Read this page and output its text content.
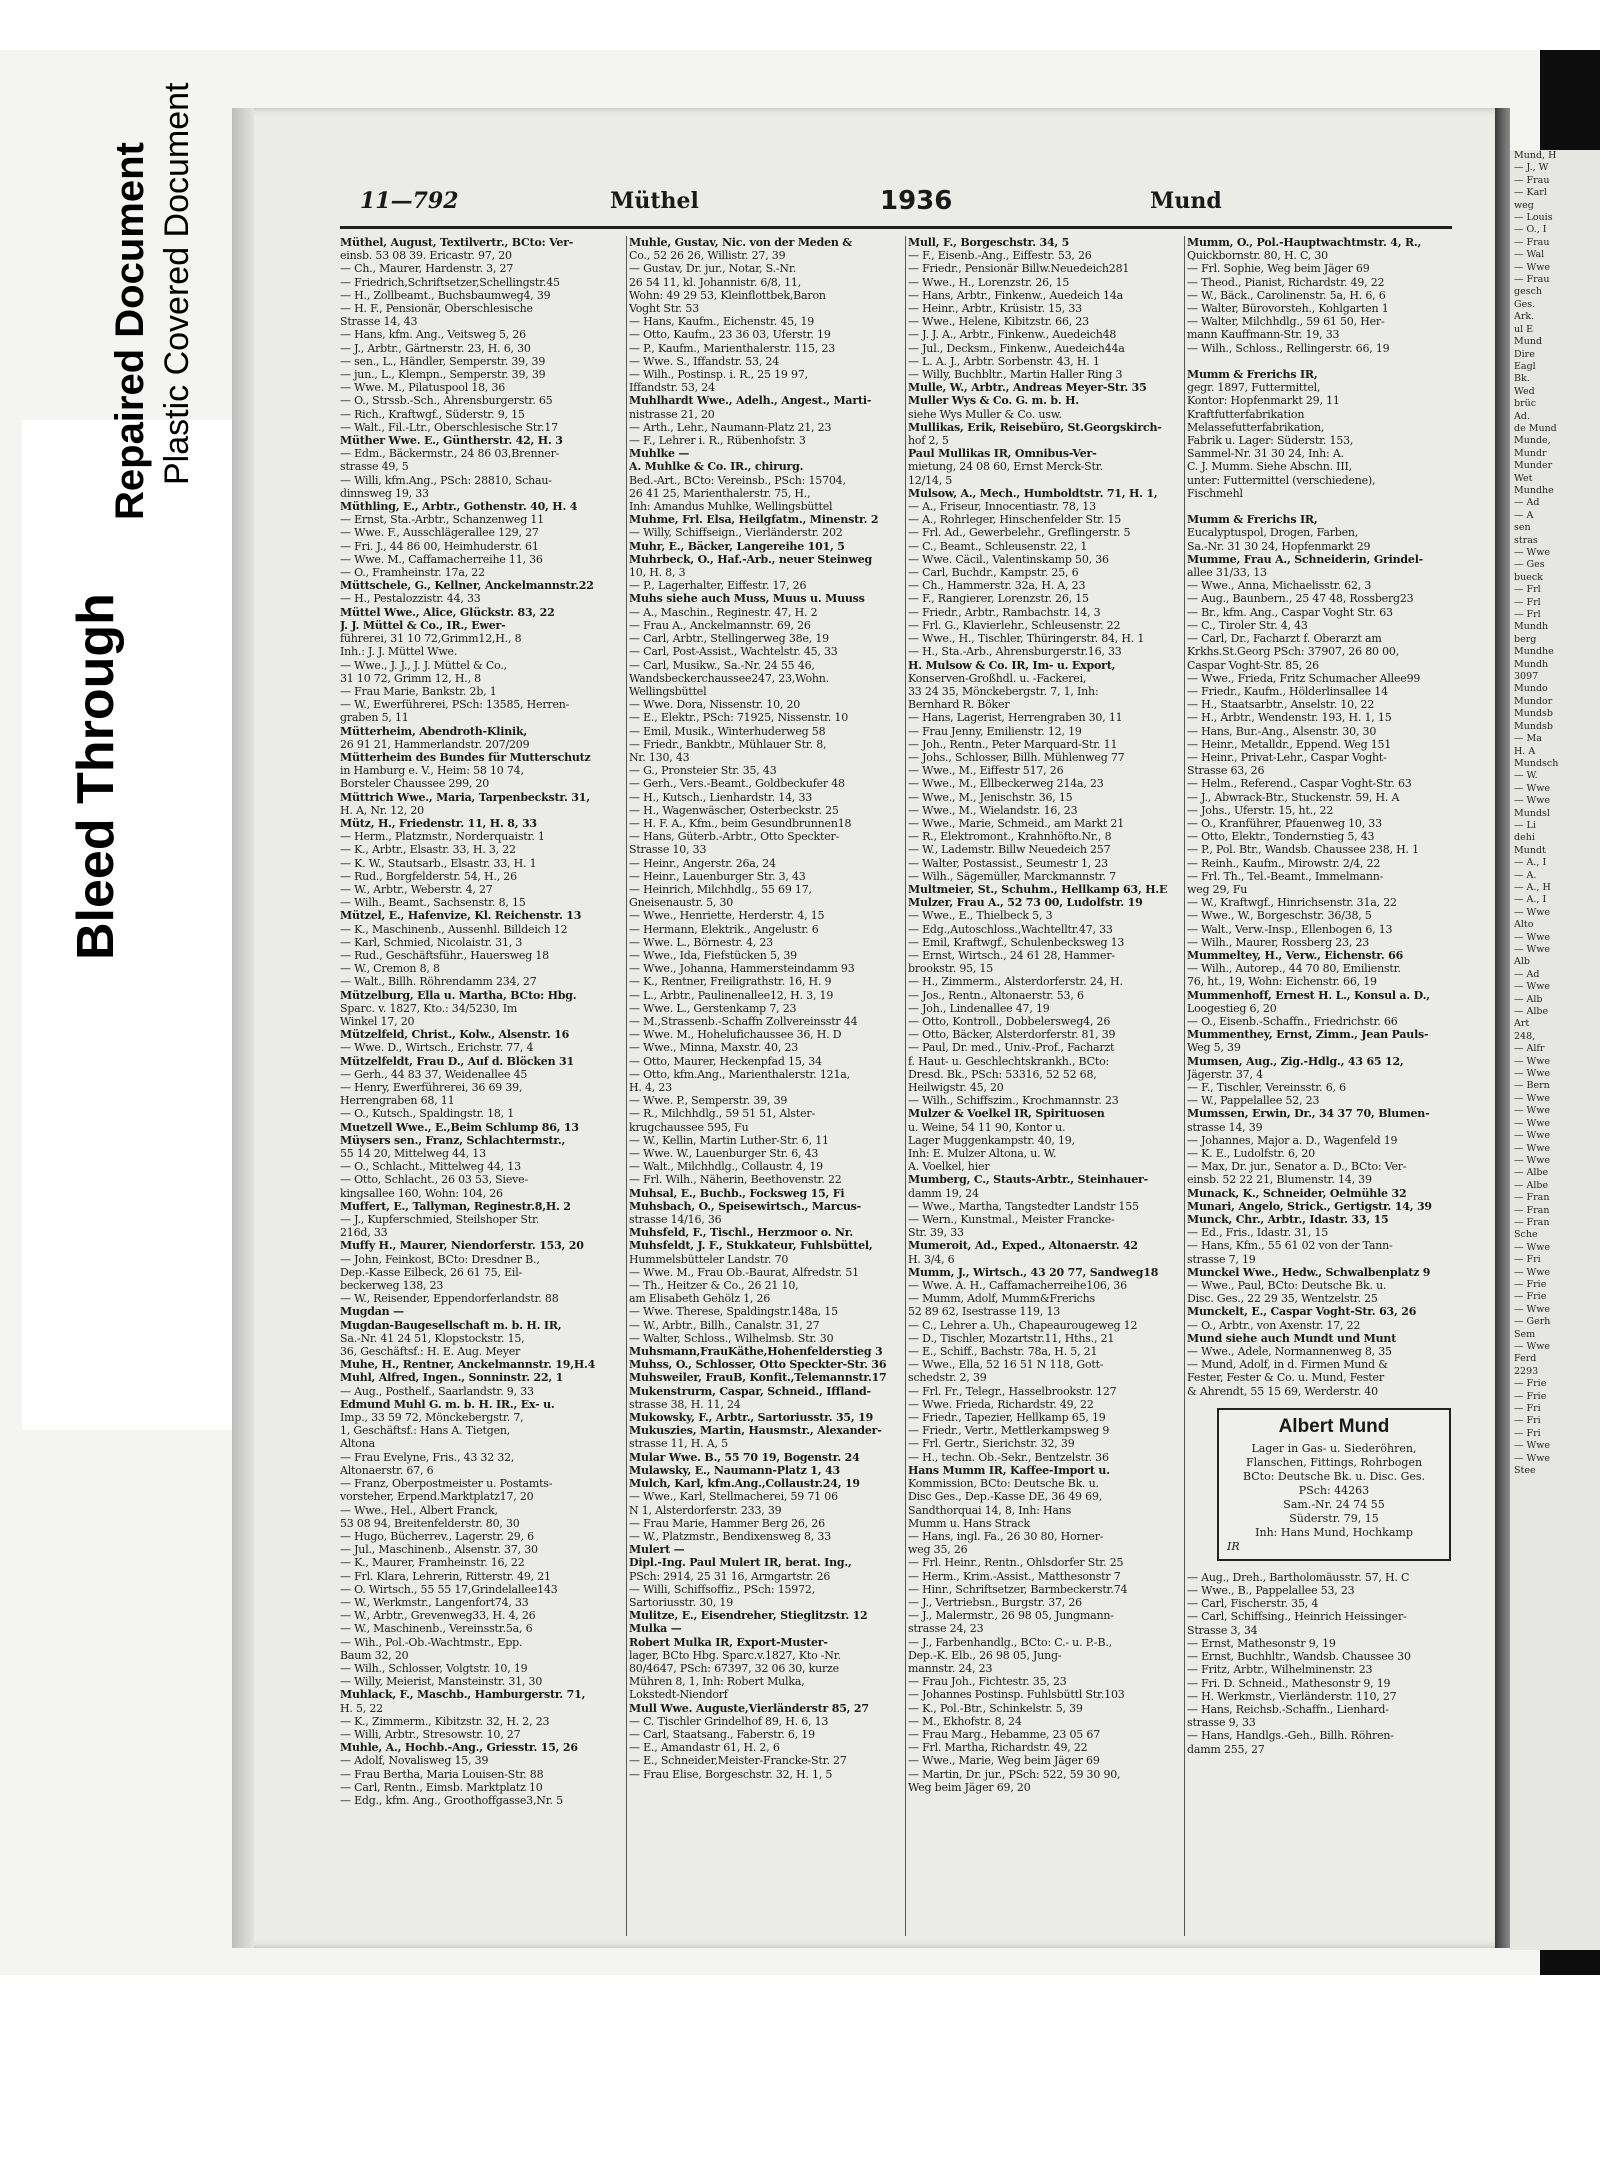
Bleed Through
Repaired Document Plastic Covered Document	Mund, H
— J., W
— Frau
— Karl
weg
— Louis
— O., I
— Frau
— Wal
— Wwe
— Frau
gesch
Ges.
Ark.
ul E
Mund
Dire
Eagl
Bk.
Wed
brüc
Ad.
de Mund
Munde,
Mundr
Munder
Wet
Mundhe
— Ad
— A
sen
stras
— Wwe
— Ges
bueck
— Frl
— Frl
— Frl
Mundh
berg
Mundhe
Mundh
3097
Mundo
Mundor
Mundsb
Mundsb
— Ma
H. A
Mundsch
— W.
— Wwe
— Wwe
Mundsl
— Li
dehi
Mundt
— A., I
— A.
— A., H
— A., I
— Wwe
Alto
— Wwe
— Wwe
Alb
— Ad
— Wwe
— Alb
— Albe
Art
248,
— Alfr
— Wwe
— Wwe
— Bern
— Wwe
— Wwe
— Wwe
— Wwe
— Wwe
— Wwe
— Albe
— Albe
— Fran
— Fran
— Fran
Sche
— Wwe
— Fri
— Wwe
— Frie
— Frie
— Wwe
— Gerh
Sem
— Wwe
Ferd
2293
— Frie
— Frie
— Fri
— Fri
— Fri
— Wwe
— Wwe
Stee
11—792	Müthel	1936	Mund
Müthel, August, Textilvertr., BCto: Ver-
einsb. 53 08 39. Ericastr. 97, 20
— Ch., Maurer, Hardenstr. 3, 27
— Friedrich,Schriftsetzer,Schellingstr.45
— H., Zollbeamt., Buchsbaumweg4, 39
— H. F., Pensionär, Oberschlesische
Strasse 14, 43
— Hans, kfm. Ang., Veitsweg 5, 26
— J., Arbtr., Gärtnerstr. 23, H. 6, 30
— sen., L., Händler, Semperstr. 39, 39
— jun., L., Klempn., Semperstr. 39, 39
— Wwe. M., Pilatuspool 18, 36
— O., Strssb.-Sch., Ahrensburgerstr. 65
— Rich., Kraftwgf., Süderstr. 9, 15
— Walt., Fil.-Ltr., Oberschlesische Str.17
Müther Wwe. E., Güntherstr. 42, H. 3
— Edm., Bäckermstr., 24 86 03,Brenner-
strasse 49, 5
— Willi, kfm.Ang., PSch: 28810, Schau-
dinnsweg 19, 33
Müthling, E., Arbtr., Gothenstr. 40, H. 4
— Ernst, Sta.-Arbtr., Schanzenweg 11
— Wwe. F., Ausschlägerallee 129, 27
— Fri. J., 44 86 00, Heimhuderstr. 61
— Wwe. M., Caffamacherreihe 11, 36
— O., Framheinstr. 17a, 22
Müttschele, G., Kellner, Anckelmannstr.22
— H., Pestalozzistr. 44, 33
Müttel Wwe., Alice, Glückstr. 83, 22
J. J. Müttel & Co., IR., Ewer-
führerei, 31 10 72,Grimm12,H., 8
Inh.: J. J. Müttel Wwe.
— Wwe., J. J., J. J. Müttel & Co.,
31 10 72, Grimm 12, H., 8
— Frau Marie, Bankstr. 2b, 1
— W., Ewerführerei, PSch: 13585, Herren-
graben 5, 11
Mütterheim, Abendroth-Klinik,
26 91 21, Hammerlandstr. 207/209
Mütterheim des Bundes für Mutterschutz
in Hamburg e. V., Heim: 58 10 74,
Borsteler Chaussee 299, 20
Müttrich Wwe., Maria, Tarpenbeckstr. 31,
H. A, Nr. 12, 20
Mütz, H., Friedenstr. 11, H. 8, 33
— Herm., Platzmstr., Norderquaistr. 1
— K., Arbtr., Elsastr. 33, H. 3, 22
— K. W., Stautsarb., Elsastr. 33, H. 1
— Rud., Borgfelderstr. 54, H., 26
— W., Arbtr., Weberstr. 4, 27
— Wilh., Beamt., Sachsenstr. 8, 15
Mützel, E., Hafenvize, Kl. Reichenstr. 13
— K., Maschinenb., Aussenhl. Billdeich 12
— Karl, Schmied, Nicolaistr. 31, 3
— Rud., Geschäftsführ., Hauersweg 18
— W., Cremon 8, 8
— Walt., Billh. Röhrendamm 234, 27
Mützelburg, Ella u. Martha, BCto: Hbg.
Sparc. v. 1827, Kto.: 34/5230, Im
Winkel 17, 20
Mützelfeld, Christ., Kolw., Alsenstr. 16
— Wwe. D., Wirtsch., Erichstr. 77, 4
Mützelfeldt, Frau D., Auf d. Blöcken 31
— Gerh., 44 83 37, Weidenallee 45
— Henry, Ewerführerei, 36 69 39,
Herrengraben 68, 11
— O., Kutsch., Spaldingstr. 18, 1
Muetzell Wwe., E.,Beim Schlump 86, 13
Müysers sen., Franz, Schlachtermstr.,
55 14 20, Mittelweg 44, 13
— O., Schlacht., Mittelweg 44, 13
— Otto, Schlacht., 26 03 53, Sieve-
kingsallee 160, Wohn: 104, 26
Muffert, E., Tallyman, Reginestr.8,H. 2
— J., Kupferschmied, Steilshoper Str.
216d, 33
Muffy H., Maurer, Niendorferstr. 153, 20
— John, Feinkost, BCto: Dresdner B.,
Dep.-Kasse Eilbeck, 26 61 75, Eil-
beckerweg 138, 23
— W., Reisender, Eppendorferlandstr. 88
Mugdan —
Mugdan-Baugesellschaft m. b. H. IR,
Sa.-Nr. 41 24 51, Klopstockstr. 15,
36, Geschäftsf.: H. E. Aug. Meyer
Muhe, H., Rentner, Anckelmannstr. 19,H.4
Muhl, Alfred, Ingen., Sonninstr. 22, 1
— Aug., Posthelf., Saarlandstr. 9, 33
Edmund Muhl G. m. b. H. IR., Ex- u.
Imp., 33 59 72, Mönckebergstr. 7,
1, Geschäftsf.: Hans A. Tietgen,
Altona
— Frau Evelyne, Fris., 43 32 32,
Altonaerstr. 67, 6
— Franz, Oberpostmeister u. Postamts-
vorsteher, Erpend.Marktplatz17, 20
— Wwe., Hel., Albert Franck,
53 08 94, Breitenfelderstr. 80, 30
— Hugo, Bücherrev., Lagerstr. 29, 6
— Jul., Maschinenb., Alsenstr. 37, 30
— K., Maurer, Framheinstr. 16, 22
— Frl. Klara, Lehrerin, Ritterstr. 49, 21
— O. Wirtsch., 55 55 17,Grindelallee143
— W., Werkmstr., Langenfort74, 33
— W., Arbtr., Grevenweg33, H. 4, 26
— W., Maschinenb., Vereinsstr.5a, 6
— Wih., Pol.-Ob.-Wachtmstr., Epp.
Baum 32, 20
— Wilh., Schlosser, Volgtstr. 10, 19
— Willy, Meierist, Mansteinstr. 31, 30
Muhlack, F., Maschb., Hamburgerstr. 71,
H. 5, 22
— K., Zimmerm., Kibitzstr. 32, H. 2, 23
— Willi, Arbtr., Stresowstr. 10, 27
Muhle, A., Hochb.-Ang., Griesstr. 15, 26
— Adolf, Novalisweg 15, 39
— Frau Bertha, Maria Louisen-Str. 88
— Carl, Rentn., Eimsb. Marktplatz 10
— Edg., kfm. Ang., Groothoffgasse3,Nr. 5
Muhle, Gustav, Nic. von der Meden &
Co., 52 26 26, Willistr. 27, 39
— Gustav, Dr. jur., Notar, S.-Nr.
26 54 11, kl. Johannistr. 6/8, 11,
Wohn: 49 29 53, Kleinflottbek,Baron
Voght Str. 53
— Hans, Kaufm., Eichenstr. 45, 19
— Otto, Kaufm., 23 36 03, Uferstr. 19
— P., Kaufm., Marienthalerstr. 115, 23
— Wwe. S., Iffandstr. 53, 24
— Wilh., Postinsp. i. R., 25 19 97,
Iffandstr. 53, 24
Muhlhardt Wwe., Adelh., Angest., Marti-
nistrasse 21, 20
— Arth., Lehr., Naumann-Platz 21, 23
— F., Lehrer i. R., Rübenhofstr. 3
Muhlke —
A. Muhlke & Co. IR., chirurg.
Bed.-Art., BCto: Vereinsb., PSch: 15704,
26 41 25, Marienthalerstr. 75, H.,
Inh: Amandus Muhlke, Wellingsbüttel
Muhme, Frl. Elsa, Heilgfatm., Minenstr. 2
— Willy, Schiffseign., Vierländerstr. 202
Muhr, E., Bäcker, Langereihe 101, 5
Muhrbeck, O., Haf.-Arb., neuer Steinweg
10, H. 8, 3
— P., Lagerhalter, Eiffestr. 17, 26
Muhs siehe auch Muss, Muus u. Muuss
— A., Maschin., Reginestr. 47, H. 2
— Frau A., Anckelmannstr. 69, 26
— Carl, Arbtr., Stellingerweg 38e, 19
— Carl, Post-Assist., Wachtelstr. 45, 33
— Carl, Musikw., Sa.-Nr. 24 55 46,
Wandsbeckerchaussee247, 23,Wohn.
Wellingsbüttel
— Wwe. Dora, Nissenstr. 10, 20
— E., Elektr., PSch: 71925, Nissenstr. 10
— Emil, Musik., Winterhuderweg 58
— Friedr., Bankbtr., Mühlauer Str. 8,
Nr. 130, 43
— G., Pronsteier Str. 35, 43
— Gerh., Vers.-Beamt., Goldbeckufer 48
— H., Kutsch., Lienhardstr. 14, 33
— H., Wagenwäscher, Osterbeckstr. 25
— H. F. A., Kfm., beim Gesundbrunnen18
— Hans, Güterb.-Arbtr., Otto Speckter-
Strasse 10, 33
— Heinr., Angerstr. 26a, 24
— Heinr., Lauenburger Str. 3, 43
— Heinrich, Milchhdlg., 55 69 17,
Gneisenaustr. 5, 30
— Wwe., Henriette, Herderstr. 4, 15
— Hermann, Elektrik., Angelustr. 6
— Wwe. L., Börnestr. 4, 23
— Wwe., Ida, Fiefstücken 5, 39
— Wwe., Johanna, Hammersteindamm 93
— K., Rentner, Freiligrathstr. 16, H. 9
— L., Arbtr., Paulinenallee12, H. 3, 19
— Wwe. L., Gerstenkamp 7, 23
— M.,Strassenb.-Schaffn Zollvereinsstr 44
— Wwe. M., Hohelufichaussee 36, H. D
— Wwe., Minna, Maxstr. 40, 23
— Otto, Maurer, Heckenpfad 15, 34
— Otto, kfm.Ang., Marienthalerstr. 121a,
H. 4, 23
— Wwe. P., Semperstr. 39, 39
— R., Milchhdlg., 59 51 51, Alster-
krugchaussee 595, Fu
— W., Kellin, Martin Luther-Str. 6, 11
— Wwe. W., Lauenburger Str. 6, 43
— Walt., Milchhdlg., Collaustr. 4, 19
— Frl. Wilh., Näherin, Beethovenstr. 22
Muhsal, E., Buchb., Focksweg 15, Fi
Muhsbach, O., Speisewirtsch., Marcus-
strasse 14/16, 36
Muhsfeld, F., Tischl., Herzmoor o. Nr.
Muhsfeldt, J. F., Stukkateur, Fuhlsbüttel,
Hummelsbütteler Landstr. 70
— Wwe. M., Frau Ob.-Baurat, Alfredstr. 51
— Th., Heitzer & Co., 26 21 10,
am Elisabeth Gehölz 1, 26
— Wwe. Therese, Spaldingstr.148a, 15
— W., Arbtr., Billh., Canalstr. 31, 27
— Walter, Schloss., Wilhelmsb. Str. 30
Muhsmann,FrauKäthe,Hohenfelderstieg 3
Muhss, O., Schlosser, Otto Speckter-Str. 36
Muhsweiler, FrauB, Konfit.,Telemannstr.17
Mukenstrurm, Caspar, Schneid., Iffland-
strasse 38, H. 11, 24
Mukowsky, F., Arbtr., Sartoriusstr. 35, 19
Mukuszies, Martin, Hausmstr., Alexander-
strasse 11, H. A, 5
Mular Wwe. B., 55 70 19, Bogenstr. 24
Mulawsky, E., Naumann-Platz 1, 43
Mulch, Karl, kfm.Ang.,Collaustr.24, 19
— Wwe., Karl, Stellmacherei, 59 71 06
N 1, Alsterdorferstr. 233, 39
— Frau Marie, Hammer Berg 26, 26
— W., Platzmstr., Bendixensweg 8, 33
Mulert —
Dipl.-Ing. Paul Mulert IR, berat. Ing.,
PSch: 2914, 25 31 16, Armgartstr. 26
— Willi, Schiffsoffiz., PSch: 15972,
Sartoriusstr. 30, 19
Mulitze, E., Eisendreher, Stieglitzstr. 12
Mulka —
Robert Mulka IR, Export-Muster-
lager, BCto Hbg. Sparc.v.1827, Kto -Nr.
80/4647, PSch: 67397, 32 06 30, kurze
Mühren 8, 1, Inh: Robert Mulka,
Lokstedt-Niendorf
Mull Wwe. Auguste,Vierländerstr 85, 27
— C. Tischler Grindelhof 89, H. 6, 13
— Carl, Staatsang., Faberstr. 6, 19
— E., Amandastr 61, H. 2, 6
— E., Schneider,Meister-Francke-Str. 27
— Frau Elise, Borgeschstr. 32, H. 1, 5
Mull, F., Borgeschstr. 34, 5
— F., Eisenb.-Ang., Eiffestr. 53, 26
— Friedr., Pensionär Billw.Neuedeich281
— Wwe., H., Lorenzstr. 26, 15
— Hans, Arbtr., Finkenw., Auedeich 14a
— Heinr., Arbtr., Krüsistr. 15, 33
— Wwe., Helene, Kibitzstr. 66, 23
— J. J. A., Arbtr., Finkenw., Auedeich48
— Jul., Decksm., Finkenw., Auedeich44a
— L. A. J., Arbtr. Sorbenstr. 43, H. 1
— Willy, Buchbltr., Martin Haller Ring 3
Mulle, W., Arbtr., Andreas Meyer-Str. 35
Muller Wys & Co. G. m. b. H.
siehe Wys Muller & Co. usw.
Mullikas, Erik, Reisebüro, St.Georgskirch-
hof 2, 5
Paul Mullikas IR, Omnibus-Ver-
mietung, 24 08 60, Ernst Merck-Str.
12/14, 5
Mulsow, A., Mech., Humboldtstr. 71, H. 1,
— A., Friseur, Innocentiastr. 78, 13
— A., Rohrleger, Hinschenfelder Str. 15
— Frl. Ad., Gewerbelehr., Greflingerstr. 5
— C., Beamt., Schleusenstr. 22, 1
— Wwe. Cäcil., Valentinskamp 50, 36
— Carl, Buchdr., Kampstr. 25, 6
— Ch., Hammerstr. 32a, H. A, 23
— F., Rangierer, Lorenzstr. 26, 15
— Friedr., Arbtr., Rambachstr. 14, 3
— Frl. G., Klavierlehr., Schleusenstr. 22
— Wwe., H., Tischler, Thüringerstr. 84, H. 1
— H., Sta.-Arb., Ahrensburgerstr.16, 33
H. Mulsow & Co. IR, Im- u. Export,
Konserven-Großhdl. u. -Fackerei,
33 24 35, Mönckebergstr. 7, 1, Inh:
Bernhard R. Böker
— Hans, Lagerist, Herrengraben 30, 11
— Frau Jenny, Emilienstr. 12, 19
— Joh., Rentn., Peter Marquard-Str. 11
— Johs., Schlosser, Billh. Mühlenweg 77
— Wwe., M., Eiffestr 517, 26
— Wwe., M., Ellbeckerweg 214a, 23
— Wwe., M., Jenischstr. 36, 15
— Wwe., M., Wielandstr. 16, 23
— Wwe., Marie, Schmeid., am Markt 21
— R., Elektromont., Krahnhöfto.Nr., 8
— W., Lademstr. Billw Neuedeich 257
— Walter, Postassist., Seumestr 1, 23
— Wilh., Sägemüller, Marckmannstr. 7
Multmeier, St., Schuhm., Hellkamp 63, H.E
Mulzer, Frau A., 52 73 00, Ludolfstr. 19
— Wwe., E., Thielbeck 5, 3
— Edg.,Autoschloss.,Wachtelltr.47, 33
— Emil, Kraftwgf., Schulenbecksweg 13
— Ernst, Wirtsch., 24 61 28, Hammer-
brookstr. 95, 15
— H., Zimmerm., Alsterdorferstr. 24, H.
— Jos., Rentn., Altonaerstr. 53, 6
— Joh., Lindenallee 47, 19
— Otto, Kontroll., Dobbelersweg4, 26
— Otto, Bäcker, Alsterdorferstr. 81, 39
— Paul, Dr. med., Univ.-Prof., Facharzt
f. Haut- u. Geschlechtskrankh., BCto:
Dresd. Bk., PSch: 53316, 52 52 68,
Heilwigstr. 45, 20
— Wilh., Schiffszim., Krochmannstr. 23
Mulzer & Voelkel IR, Spirituosen
u. Weine, 54 11 90, Kontor u.
Lager Muggenkampstr. 40, 19,
Inh: E. Mulzer Altona, u. W.
A. Voelkel, hier
Mumberg, C., Stauts-Arbtr., Steinhauer-
damm 19, 24
— Wwe., Martha, Tangstedter Landstr 155
— Wern., Kunstmal., Meister Francke-
Str. 39, 33
Mumeroit, Ad., Exped., Altonaerstr. 42
H. 3/4, 6
Mumm, J., Wirtsch., 43 20 77, Sandweg18
— Wwe. A. H., Caffamacherreihe106, 36
— Mumm, Adolf, Mumm&Frerichs
52 89 62, Isestrasse 119, 13
— C., Lehrer a. Uh., Chapeaurougeweg 12
— D., Tischler, Mozartstr.11, Hths., 21
— E., Schiff., Bachstr. 78a, H. 5, 21
— Wwe., Ella, 52 16 51 N 118, Gott-
schedstr. 2, 39
— Frl. Fr., Telegr., Hasselbrookstr. 127
— Wwe. Frieda, Richardstr. 49, 22
— Friedr., Tapezier, Hellkamp 65, 19
— Friedr., Vertr., Mettlerkampsweg 9
— Frl. Gertr., Sierichstr. 32, 39
— H., techn. Ob.-Sekr., Bentzelstr. 36
Hans Mumm IR, Kaffee-Import u.
Kommission, BCto: Deutsche Bk. u.
Disc Ges., Dep.-Kasse DE, 36 49 69,
Sandthorquai 14, 8, Inh: Hans
Mumm u. Hans Strack
— Hans, ingl. Fa., 26 30 80, Horner-
weg 35, 26
— Frl. Heinr., Rentn., Ohlsdorfer Str. 25
— Herm., Krim.-Assist., Matthesonstr 7
— Hinr., Schriftsetzer, Barmbeckerstr.74
— J., Vertriebsn., Burgstr. 37, 26
— J., Malermstr., 26 98 05, Jungmann-
strasse 24, 23
— J., Farbenhandlg., BCto: C.- u. P.-B.,
Dep.-K. Elb., 26 98 05, Jung-
mannstr. 24, 23
— Frau Joh., Fichtestr. 35, 23
— Johannes Postinsp. Fuhlsbüttl Str.103
— K., Pol.-Btr., Schinkelstr. 5, 39
— M., Ekhofstr. 8, 24
— Frau Marg., Hebamme, 23 05 67
— Frl. Martha, Richardstr. 49, 22
— Wwe., Marie, Weg beim Jäger 69
— Martin, Dr. jur., PSch: 522, 59 30 90,
Weg beim Jäger 69, 20
Mumm, O., Pol.-Hauptwachtmstr. 4, R.,
Quickbornstr. 80, H. C, 30
— Frl. Sophie, Weg beim Jäger 69
— Theod., Pianist, Richardstr. 49, 22
— W., Bäck., Carolinenstr. 5a, H. 6, 6
— Walter, Bürovorsteh., Kohlgarten 1
— Walter, Milchhdlg., 59 61 50, Her-
mann Kauffmann-Str. 19, 33
— Wilh., Schloss., Rellingerstr. 66, 19

Mumm & Frerichs IR,
gegr. 1897, Futtermittel,
Kontor: Hopfenmarkt 29, 11
Kraftfutterfabrikation
Melassefutterfabrikation,
Fabrik u. Lager: Süderstr. 153,
Sammel-Nr. 31 30 24, Inh: A.
C. J. Mumm. Siehe Abschn. III,
unter: Futtermittel (verschiedene),
Fischmehl

Mumm & Frerichs IR,
Eucalyptuspol, Drogen, Farben,
Sa.-Nr. 31 30 24, Hopfenmarkt 29
Mumme, Frau A., Schneiderin, Grindel-
allee 31/33, 13
— Wwe., Anna, Michaelisstr. 62, 3
— Aug., Baunbern., 25 47 48, Rossberg23
— Br., kfm. Ang., Caspar Voght Str. 63
— C., Tiroler Str. 4, 43
— Carl, Dr., Facharzt f. Oberarzt am
Krkhs.St.Georg PSch: 37907, 26 80 00,
Caspar Voght-Str. 85, 26
— Wwe., Frieda, Fritz Schumacher Allee99
— Friedr., Kaufm., Hölderlinsallee 14
— H., Staatsarbtr., Anselstr. 10, 22
— H., Arbtr., Wendenstr. 193, H. 1, 15
— Hans, Bur.-Ang., Alsenstr. 30, 30
— Heinr., Metalldr., Eppend. Weg 151
— Heinr., Privat-Lehr., Caspar Voght-
Strasse 63, 26
— Helm., Referend., Caspar Voght-Str. 63
— J., Abwrack-Btr., Stuckenstr. 59, H. A
— Johs., Uferstr. 15, ht., 22
— O., Kranführer, Pfauenweg 10, 33
— Otto, Elektr., Tondernstieg 5, 43
— P., Pol. Btr., Wandsb. Chaussee 238, H. 1
— Reinh., Kaufm., Mirowstr. 2/4, 22
— Frl. Th., Tel.-Beamt., Immelmann-
weg 29, Fu
— W., Kraftwgf., Hinrichsenstr. 31a, 22
— Wwe., W., Borgeschstr. 36/38, 5
— Walt., Verw.-Insp., Ellenbogen 6, 13
— Wilh., Maurer, Rossberg 23, 23
Mummeltey, H., Verw., Eichenstr. 66
— Wilh., Autorep., 44 70 80, Emilienstr.
76, ht., 19, Wohn: Eichenstr. 66, 19
Mummenhoff, Ernest H. L., Konsul a. D.,
Loogestieg 6, 20
— O., Eisenb.-Schaffn., Friedrichstr. 66
Mummenthey, Ernst, Zimm., Jean Pauls-
Weg 5, 39
Mumsen, Aug., Zig.-Hdlg., 43 65 12,
Jägerstr. 37, 4
— F., Tischler, Vereinsstr. 6, 6
— W., Pappelallee 52, 23
Mumssen, Erwin, Dr., 34 37 70, Blumen-
strasse 14, 39
— Johannes, Major a. D., Wagenfeld 19
— K. E., Ludolfstr. 6, 20
— Max, Dr. jur., Senator a. D., BCto: Ver-
einsb. 52 22 21, Blumenstr. 14, 39
Munack, K., Schneider, Oelmühle 32
Munari, Angelo, Strick., Gertigstr. 14, 39
Munck, Chr., Arbtr., Idastr. 33, 15
— Ed., Fris., Idastr. 31, 15
— Hans, Kfm., 55 61 02 von der Tann-
strasse 7, 19
Munckel Wwe., Hedw., Schwalbenplatz 9
— Wwe., Paul, BCto: Deutsche Bk. u.
Disc. Ges., 22 29 35, Wentzelstr. 25
Munckelt, E., Caspar Voght-Str. 63, 26
— O., Arbtr., von Axenstr. 17, 22
Mund siehe auch Mundt und Munt
— Wwe., Adele, Normannenweg 8, 35
— Mund, Adolf, in d. Firmen Mund &
Fester, Fester & Co. u. Mund, Fester
& Ahrendt, 55 15 69, Werderstr. 40
Albert Mund
Lager in Gas- u. Siederöhren,
Flanschen, Fittings, Rohrbogen
BCto: Deutsche Bk. u. Disc. Ges.
PSch: 44263
Sam.-Nr. 24 74 55
Süderstr. 79, 15
Inh: Hans Mund, Hochkamp
IR
— Aug., Dreh., Bartholomäusstr. 57, H. C
— Wwe., B., Pappelallee 53, 23
— Carl, Fischerstr. 35, 4
— Carl, Schiffsing., Heinrich Heissinger-
Strasse 3, 34
— Ernst, Mathesonstr 9, 19
— Ernst, Buchhltr., Wandsb. Chaussee 30
— Fritz, Arbtr., Wilhelminenstr. 23
— Fri. D. Schneid., Mathesonstr 9, 19
— H. Werkmstr., Vierländerstr. 110, 27
— Hans, Reichsb.-Schaffn., Lienhard-
strasse 9, 33
— Hans, Handlgs.-Geh., Billh. Röhren-
damm 255, 27
